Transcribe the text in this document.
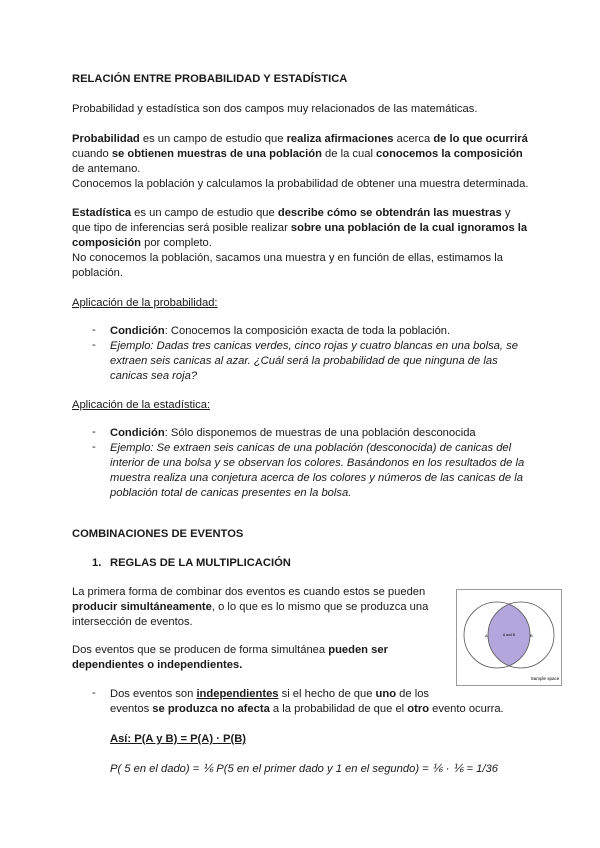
RELACIÓN ENTRE PROBABILIDAD Y ESTADÍSTICA
Probabilidad y estadística son dos campos muy relacionados de las matemáticas.
Probabilidad es un campo de estudio que realiza afirmaciones acerca de lo que ocurrirá
cuando se obtienen muestras de una población de la cual conocemos la composición
de antemano.
Conocemos la población y calculamos la probabilidad de obtener una muestra determinada.
Estadística es un campo de estudio que describe cómo se obtendrán las muestras y
que tipo de inferencias será posible realizar sobre una población de la cual ignoramos la
composición por completo.
No conocemos la población, sacamos una muestra y en función de ellas, estimamos la
población.
Aplicación de la probabilidad:
- Condición: Conocemos la composición exacta de toda la población.
- Ejemplo: Dadas tres canicas verdes, cinco rojas y cuatro blancas en una bolsa, se
extraen seis canicas al azar. ¿Cuál será la probabilidad de que ninguna de las
canicas sea roja?
Aplicación de la estadística:
- Condición: Sólo disponemos de muestras de una población desconocida
- Ejemplo: Se extraen seis canicas de una población (desconocida) de canicas del
interior de una bolsa y se observan los colores. Basándonos en los resultados de la
muestra realiza una conjetura acerca de los colores y números de las canicas de la
población total de canicas presentes en la bolsa.
COMBINACIONES DE EVENTOS
1. REGLAS DE LA MULTIPLICACIÓN
La primera forma de combinar dos eventos es cuando estos se pueden
producir simultáneamente, o lo que es lo mismo que se produzca una
intersección de eventos.
Dos eventos que se producen de forma simultánea pueden ser
dependientes o independientes.
- Dos eventos son independientes si el hecho de que uno de los
eventos se produzca no afecta a la probabilidad de que el otro evento ocurra.
Así: P(A y B) = P(A) · P(B)
P( 5 en el dado) = ⅙ P(5 en el primer dado y 1 en el segundo) = ⅙ · ⅙ = 1/36
A	B
A and B
Sample space
